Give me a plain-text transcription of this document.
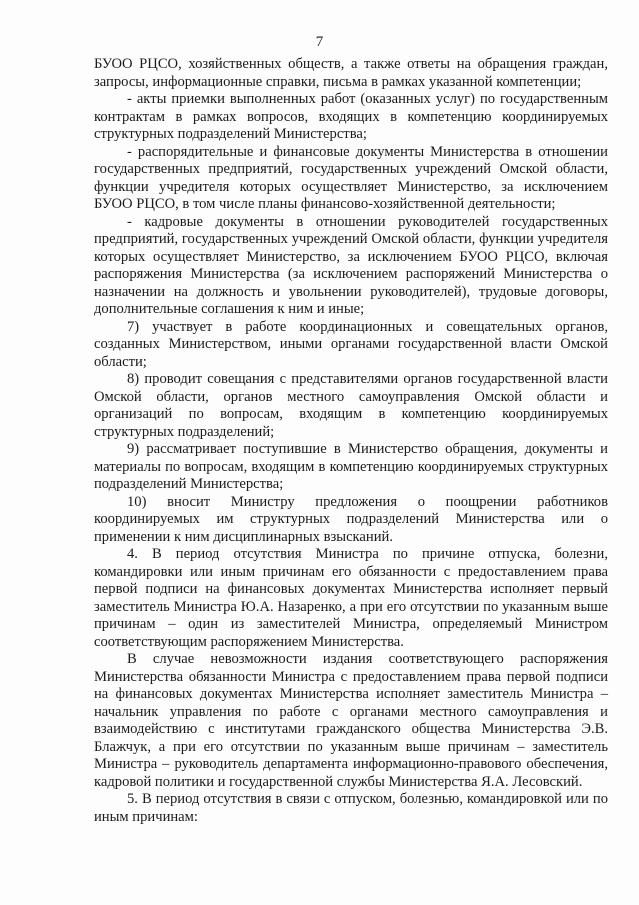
7

БУОО РЦСО, хозяйственных обществ, а также ответы на обращения граждан, запросы, информационные справки, письма в рамках указанной компетенции;

- акты приемки выполненных работ (оказанных услуг) по государственным контрактам в рамках вопросов, входящих в компетенцию координируемых структурных подразделений Министерства;

- распорядительные и финансовые документы Министерства в отношении государственных предприятий, государственных учреждений Омской области, функции учредителя которых осуществляет Министерство, за исключением БУОО РЦСО, в том числе планы финансово-хозяйственной деятельности;

- кадровые документы в отношении руководителей государственных предприятий, государственных учреждений Омской области, функции учредителя которых осуществляет Министерство, за исключением БУОО РЦСО, включая распоряжения Министерства (за исключением распоряжений Министерства о назначении на должность и увольнении руководителей), трудовые договоры, дополнительные соглашения к ним и иные;

7) участвует в работе координационных и совещательных органов, созданных Министерством, иными органами государственной власти Омской области;

8) проводит совещания с представителями органов государственной власти Омской области, органов местного самоуправления Омской области и организаций по вопросам, входящим в компетенцию координируемых структурных подразделений;

9) рассматривает поступившие в Министерство обращения, документы и материалы по вопросам, входящим в компетенцию координируемых структурных подразделений Министерства;

10) вносит Министру предложения о поощрении работников координируемых им структурных подразделений Министерства или о применении к ним дисциплинарных взысканий.

4. В период отсутствия Министра по причине отпуска, болезни, командировки или иным причинам его обязанности с предоставлением права первой подписи на финансовых документах Министерства исполняет первый заместитель Министра Ю.А. Назаренко, а при его отсутствии по указанным выше причинам – один из заместителей Министра, определяемый Министром соответствующим распоряжением Министерства.

В случае невозможности издания соответствующего распоряжения Министерства обязанности Министра с предоставлением права первой подписи на финансовых документах Министерства исполняет заместитель Министра – начальник управления по работе с органами местного самоуправления и взаимодействию с институтами гражданского общества Министерства Э.В. Блажчук, а при его отсутствии по указанным выше причинам – заместитель Министра – руководитель департамента информационно-правового обеспечения, кадровой политики и государственной службы Министерства Я.А. Лесовский.

5. В период отсутствия в связи с отпуском, болезнью, командировкой или по иным причинам:
